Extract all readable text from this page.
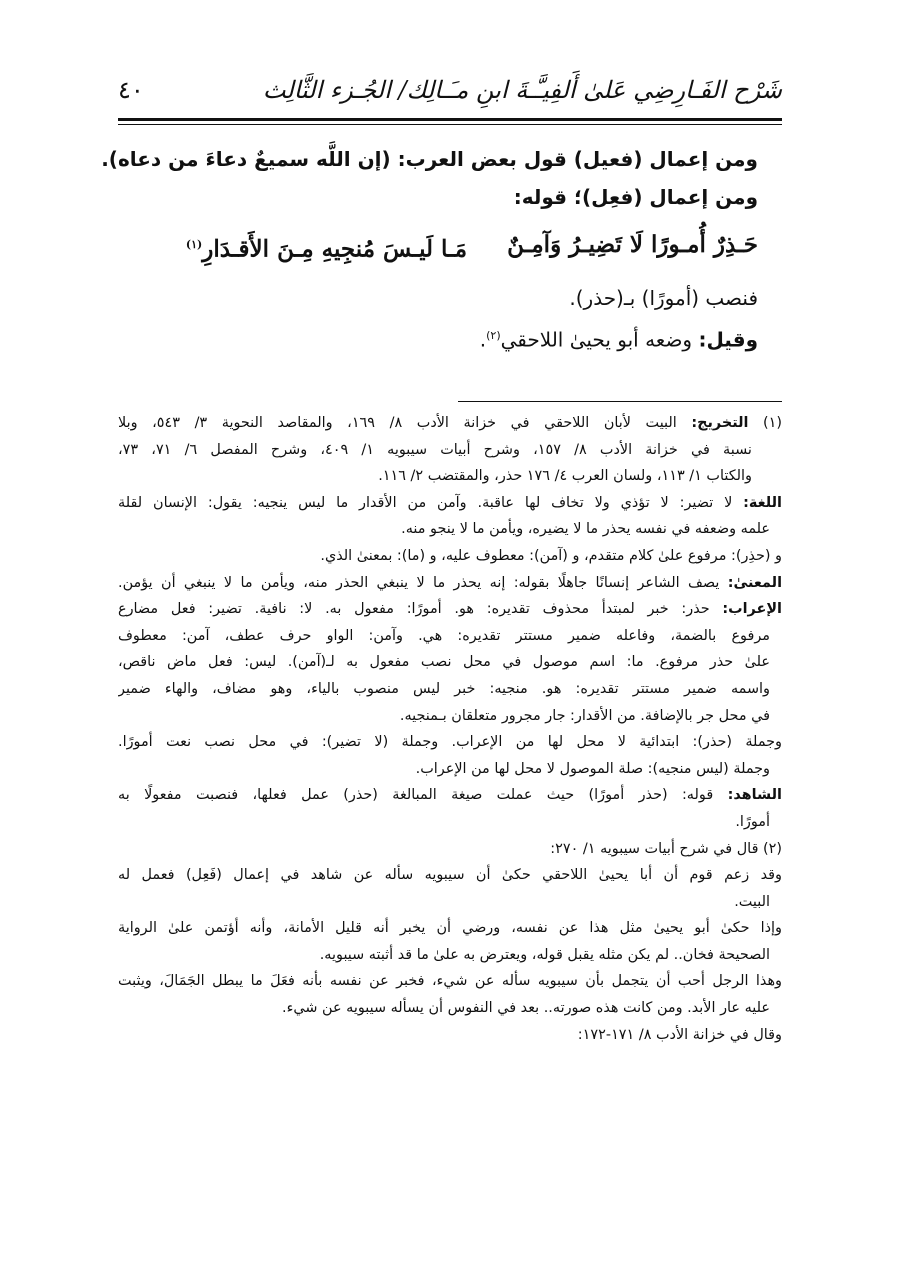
شَرْح الفَـارِضِي عَلىٰ أَلفِيـَّـةَ ابنِ مـَـالِك/ الجُـزء الثَّالِث
٤٠

ومن إعمال (فعيل) قول بعض العرب: (إن اللَّه سميعٌ دعاءَ من دعاه).

ومن إعمال (فعِل)؛ قوله:

حَـذِرٌ أُمـورًا لَا تَضِيـرُ وَآمِـنٌ
مَـا لَيـسَ مُنجِيهِ مِـنَ الأَقـدَارِ$^{(١)}$

فنصب (أمورًا) بـ(حذر).

وقيل: وضعه أبو يحيىٰ اللاحقي$^{(٢)}$.

(١) التخريج: البيت لأبان اللاحقي في خزانة الأدب ٨/ ١٦٩، والمقاصد النحوية ٣/ ٥٤٣، وبلا

نسبة في خزانة الأدب ٨/ ١٥٧، وشرح أبيات سيبويه ١/ ٤٠٩، وشرح المفصل ٦/ ٧١، ٧٣،

والكتاب ١/ ١١٣، ولسان العرب ٤/ ١٧٦ حذر، والمقتضب ٢/ ١١٦.

اللغة: لا تضير: لا تؤذي ولا تخاف لها عاقبة. وآمن من الأقدار ما ليس ينجيه: يقول: الإنسان لقلة

علمه وضعفه في نفسه يحذر ما لا يضيره، ويأمن ما لا ينجو منه.

و (حذِر): مرفوع علىٰ كلام متقدم، و (آمن): معطوف عليه، و (ما): بمعنىٰ الذي.

المعنىٰ: يصف الشاعر إنسانًا جاهلًا بقوله: إنه يحذر ما لا ينبغي الحذر منه، ويأمن ما لا ينبغي أن يؤمن.

الإعراب: حذر: خبر لمبتدأ محذوف تقديره: هو. أمورًا: مفعول به. لا: نافية. تضير: فعل مضارع

مرفوع بالضمة، وفاعله ضمير مستتر تقديره: هي. وآمن: الواو حرف عطف، آمن: معطوف

علىٰ حذر مرفوع. ما: اسم موصول في محل نصب مفعول به لـ(آمن). ليس: فعل ماض ناقص،

واسمه ضمير مستتر تقديره: هو. منجيه: خبر ليس منصوب بالياء، وهو مضاف، والهاء ضمير

في محل جر بالإضافة. من الأقدار: جار مجرور متعلقان بـمنجيه.

وجملة (حذر): ابتدائية لا محل لها من الإعراب. وجملة (لا تضير): في محل نصب نعت أمورًا.

وجملة (ليس منجيه): صلة الموصول لا محل لها من الإعراب.

الشاهد: قوله: (حذر أمورًا) حيث عملت صيغة المبالغة (حذر) عمل فعلها، فنصبت مفعولًا به

أمورًا.

(٢) قال في شرح أبيات سيبويه ١/ ٢٧٠:

وقد زعم قوم أن أبا يحيىٰ اللاحقي حكىٰ أن سيبويه سأله عن شاهد في إعمال (فَعِل) فعمل له

البيت.

وإذا حكىٰ أبو يحيىٰ مثل هذا عن نفسه، ورضي أن يخبر أنه قليل الأمانة، وأنه أؤتمن علىٰ الرواية

الصحيحة فخان.. لم يكن مثله يقبل قوله، ويعترض به علىٰ ما قد أثبته سيبويه.

وهذا الرجل أحب أن يتجمل بأن سيبويه سأله عن شيء، فخبر عن نفسه بأنه فعَلَ ما يبطل الجَمَالَ، ويثبت

عليه عار الأبد. ومن كانت هذه صورته.. بعد في النفوس أن يسأله سيبويه عن شيء.

وقال في خزانة الأدب ٨/ ١٧١-١٧٢:
